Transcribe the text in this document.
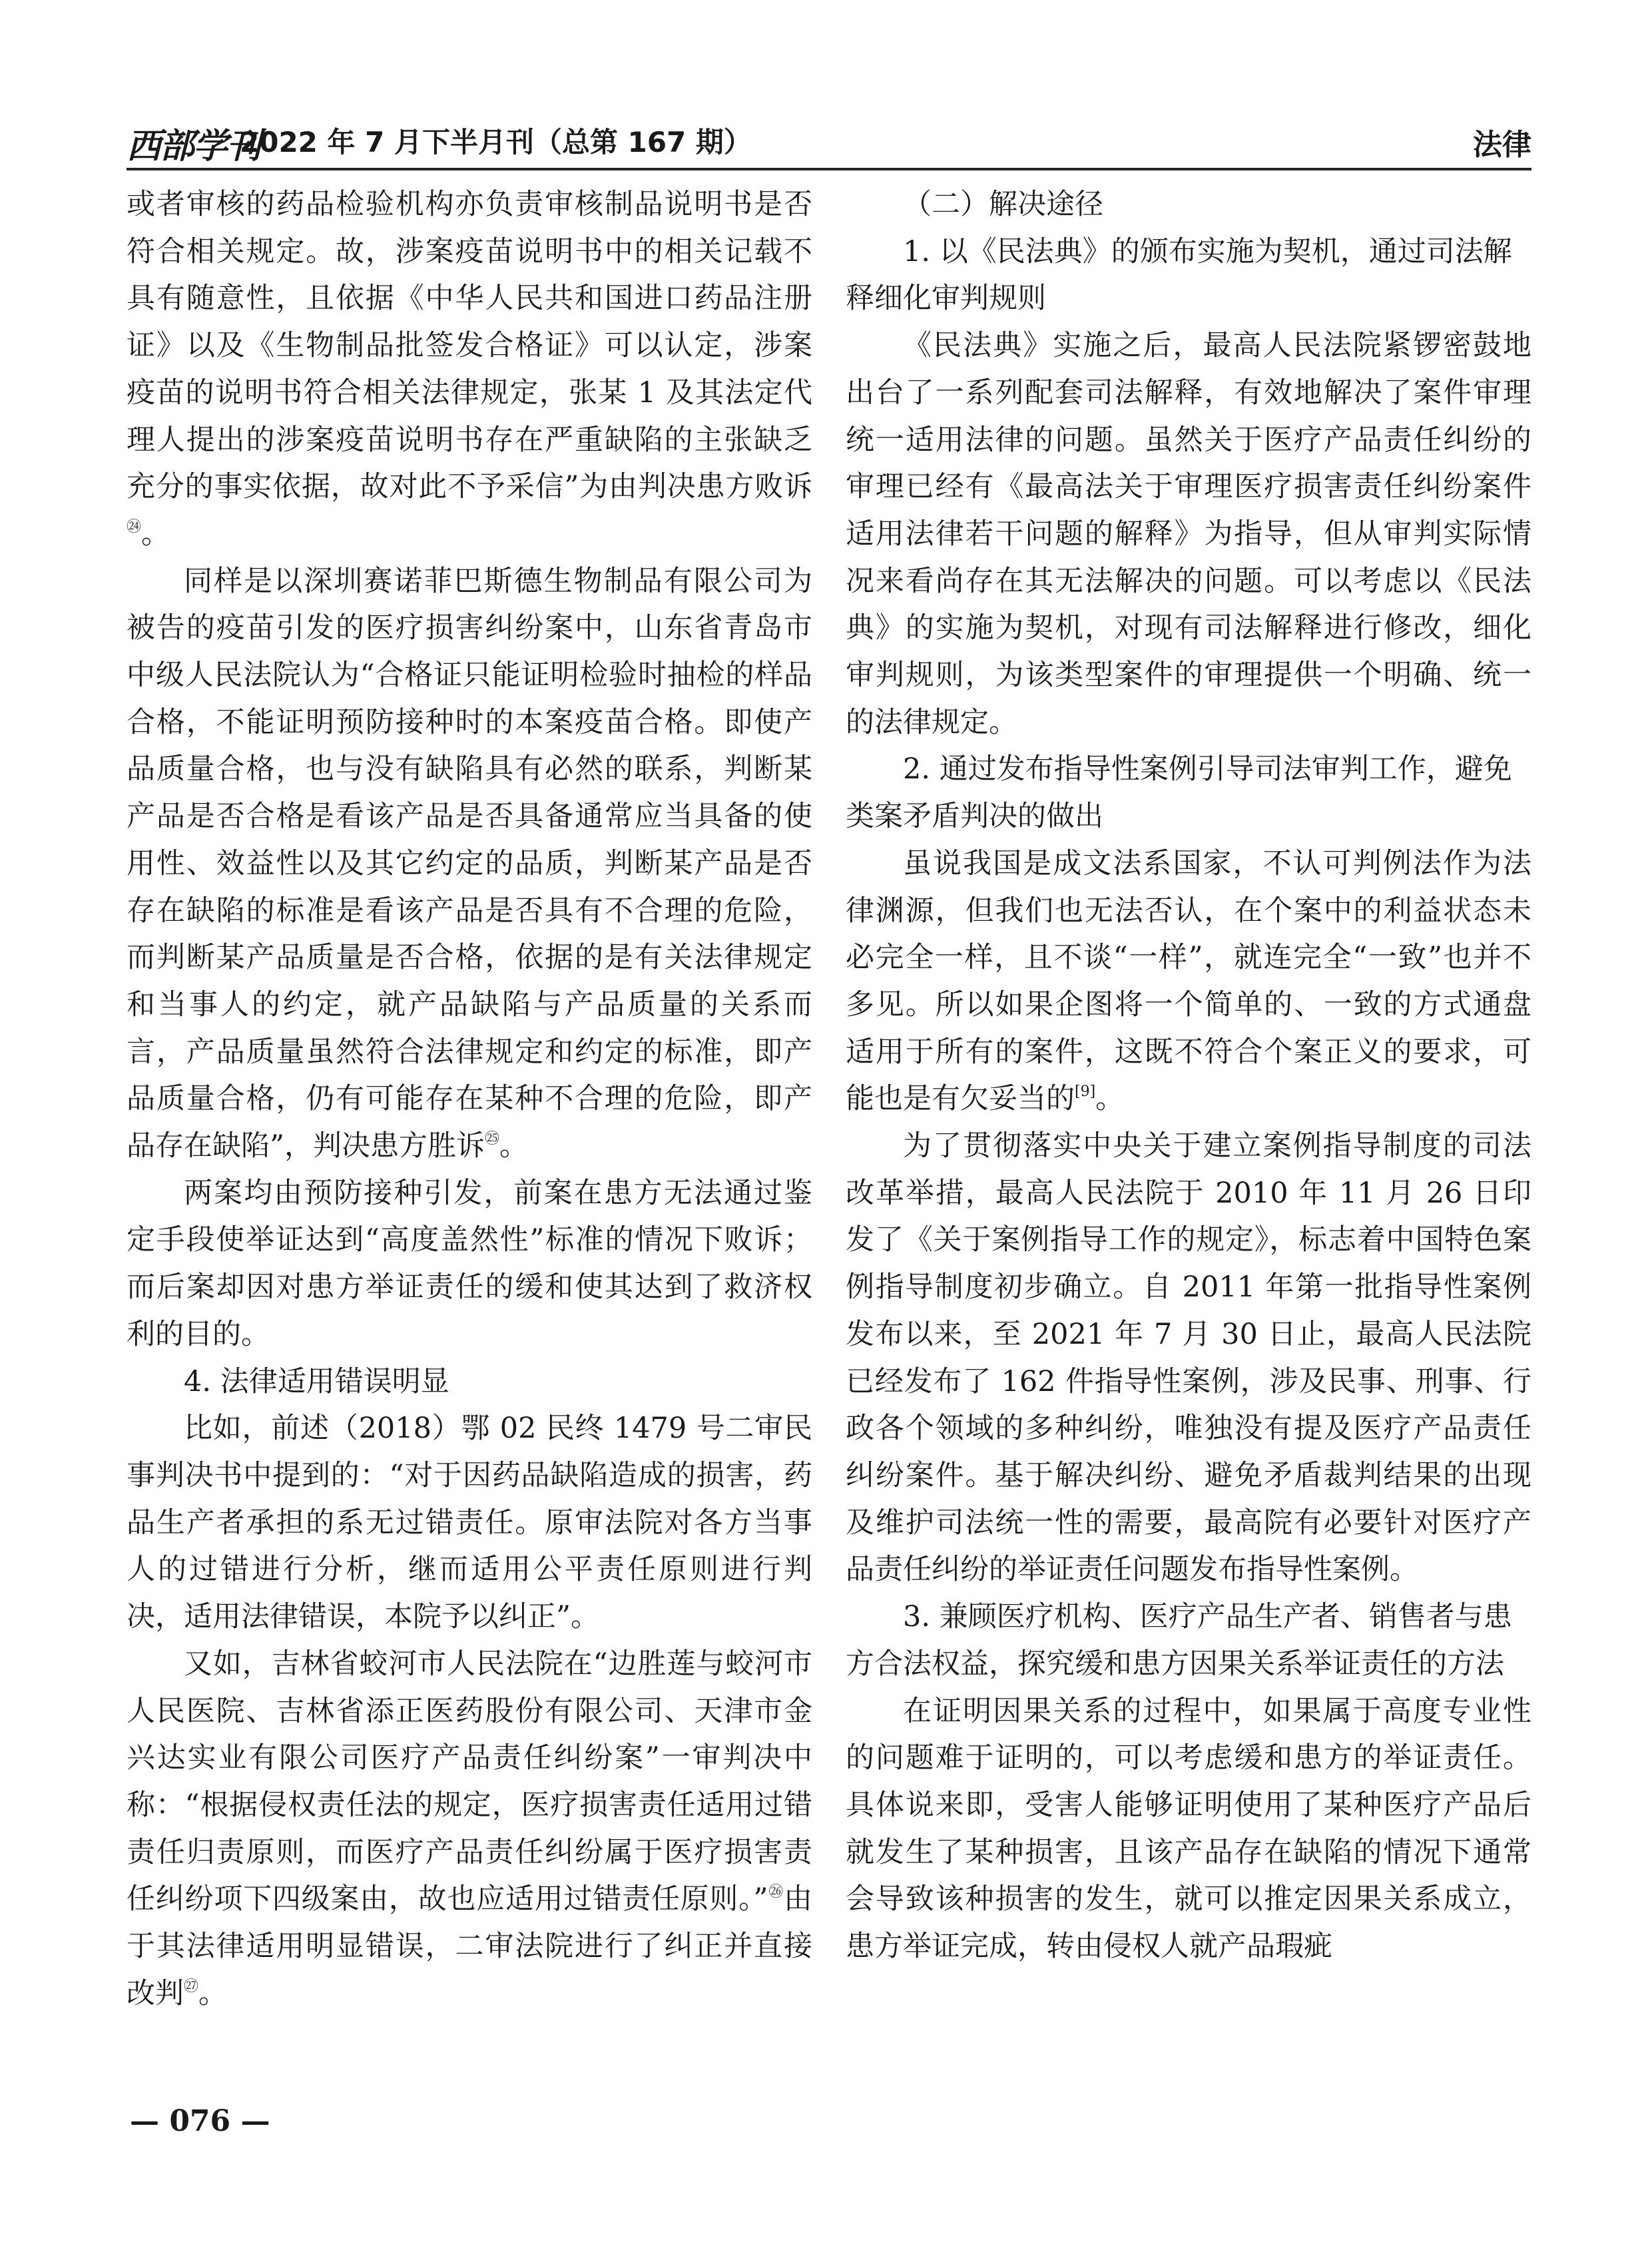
西部学刊
2022 年 7 月下半月刊（总第 167 期）	法律

或者审核的药品检验机构亦负责审核制品说明书是否符合相关规定。故，涉案疫苗说明书中的相关记载不具有随意性，且依据《中华人民共和国进口药品注册证》以及《生物制品批签发合格证》可以认定，涉案疫苗的说明书符合相关法律规定，张某 1 及其法定代理人提出的涉案疫苗说明书存在严重缺陷的主张缺乏充分的事实依据，故对此不予采信”为由判决患方败诉$^㉔$。

同样是以深圳赛诺菲巴斯德生物制品有限公司为被告的疫苗引发的医疗损害纠纷案中，山东省青岛市中级人民法院认为“合格证只能证明检验时抽检的样品合格，不能证明预防接种时的本案疫苗合格。即使产品质量合格，也与没有缺陷具有必然的联系，判断某产品是否合格是看该产品是否具备通常应当具备的使用性、效益性以及其它约定的品质，判断某产品是否存在缺陷的标准是看该产品是否具有不合理的危险，而判断某产品质量是否合格，依据的是有关法律规定和当事人的约定，就产品缺陷与产品质量的关系而言，产品质量虽然符合法律规定和约定的标准，即产品质量合格，仍有可能存在某种不合理的危险，即产品存在缺陷”，判决患方胜诉$^㉕$。

两案均由预防接种引发，前案在患方无法通过鉴定手段使举证达到“高度盖然性”标准的情况下败诉；而后案却因对患方举证责任的缓和使其达到了救济权利的目的。

4. 法律适用错误明显

比如，前述（2018）鄂 02 民终 1479 号二审民事判决书中提到的：“对于因药品缺陷造成的损害，药品生产者承担的系无过错责任。原审法院对各方当事人的过错进行分析，继而适用公平责任原则进行判决，适用法律错误，本院予以纠正”。

又如，吉林省蛟河市人民法院在“边胜莲与蛟河市人民医院、吉林省添正医药股份有限公司、天津市金兴达实业有限公司医疗产品责任纠纷案”一审判决中称：“根据侵权责任法的规定，医疗损害责任适用过错责任归责原则，而医疗产品责任纠纷属于医疗损害责任纠纷项下四级案由，故也应适用过错责任原则。”$^㉖$由于其法律适用明显错误，二审法院进行了纠正并直接改判$^㉗$。

（二）解决途径
1. 以《民法典》的颁布实施为契机，通过司法解释细化审判规则

《民法典》实施之后，最高人民法院紧锣密鼓地出台了一系列配套司法解释，有效地解决了案件审理统一适用法律的问题。虽然关于医疗产品责任纠纷的审理已经有《最高法关于审理医疗损害责任纠纷案件适用法律若干问题的解释》为指导，但从审判实际情况来看尚存在其无法解决的问题。可以考虑以《民法典》的实施为契机，对现有司法解释进行修改，细化审判规则，为该类型案件的审理提供一个明确、统一的法律规定。

2. 通过发布指导性案例引导司法审判工作，避免类案矛盾判决的做出

虽说我国是成文法系国家，不认可判例法作为法律渊源，但我们也无法否认，在个案中的利益状态未必完全一样，且不谈“一样”，就连完全“一致”也并不多见。所以如果企图将一个简单的、一致的方式通盘适用于所有的案件，这既不符合个案正义的要求，可能也是有欠妥当的[9]。

为了贯彻落实中央关于建立案例指导制度的司法改革举措，最高人民法院于 2010 年 11 月 26 日印发了《关于案例指导工作的规定》，标志着中国特色案例指导制度初步确立。自 2011 年第一批指导性案例发布以来，至 2021 年 7 月 30 日止，最高人民法院已经发布了 162 件指导性案例，涉及民事、刑事、行政各个领域的多种纠纷，唯独没有提及医疗产品责任纠纷案件。基于解决纠纷、避免矛盾裁判结果的出现及维护司法统一性的需要，最高院有必要针对医疗产品责任纠纷的举证责任问题发布指导性案例。

3. 兼顾医疗机构、医疗产品生产者、销售者与患方合法权益，探究缓和患方因果关系举证责任的方法

在证明因果关系的过程中，如果属于高度专业性的问题难于证明的，可以考虑缓和患方的举证责任。具体说来即，受害人能够证明使用了某种医疗产品后就发生了某种损害，且该产品存在缺陷的情况下通常会导致该种损害的发生，就可以推定因果关系成立，患方举证完成，转由侵权人就产品瑕疵

— 076 —
